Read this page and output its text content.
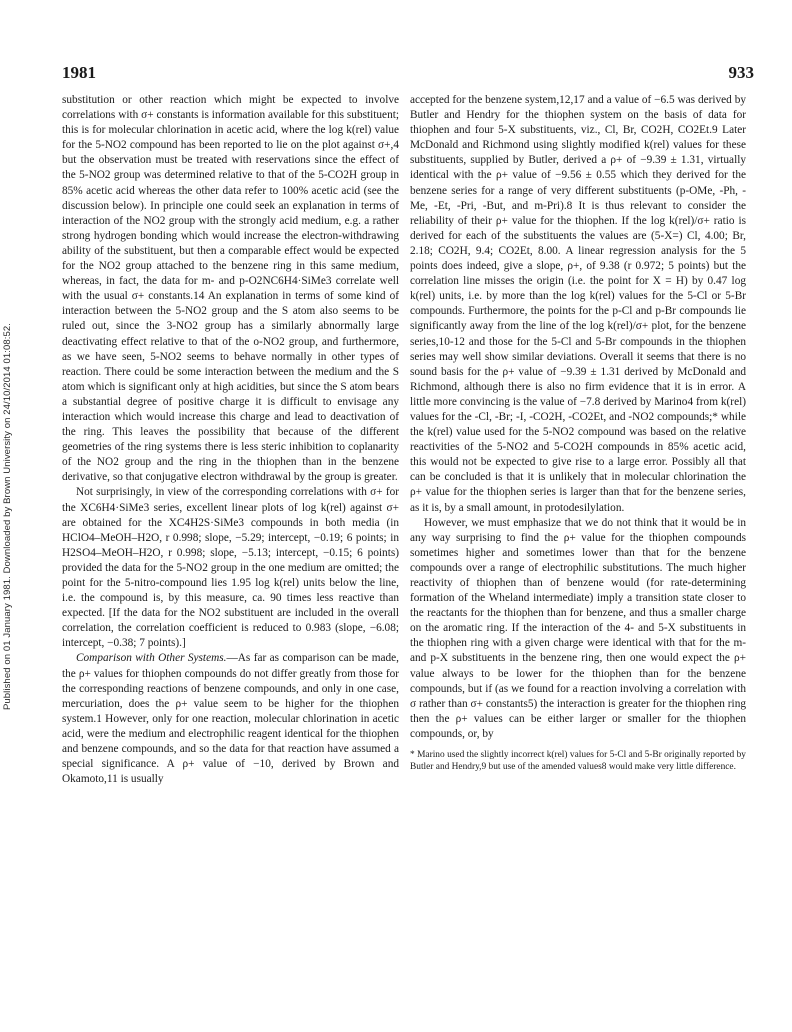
Published on 01 January 1981. Downloaded by Brown University on 24/10/2014 01:08:52.
1981	933

substitution or other reaction which might be expected to involve correlations with σ+ constants is information available for this substituent; this is for molecular chlorination in acetic acid, where the log k(rel) value for the 5-NO2 compound has been reported to lie on the plot against σ+,4 but the observation must be treated with reservations since the effect of the 5-NO2 group was determined relative to that of the 5-CO2H group in 85% acetic acid whereas the other data refer to 100% acetic acid (see the discussion below). In principle one could seek an explanation in terms of interaction of the NO2 group with the strongly acid medium, e.g. a rather strong hydrogen bonding which would increase the electron-withdrawing ability of the substituent, but then a comparable effect would be expected for the NO2 group attached to the benzene ring in this same medium, whereas, in fact, the data for m- and p-O2NC6H4·SiMe3 correlate well with the usual σ+ constants.14 An explanation in terms of some kind of interaction between the 5-NO2 group and the S atom also seems to be ruled out, since the 3-NO2 group has a similarly abnormally large deactivating effect relative to that of the o-NO2 group, and furthermore, as we have seen, 5-NO2 seems to behave normally in other types of reaction. There could be some interaction between the medium and the S atom which is significant only at high acidities, but since the S atom bears a substantial degree of positive charge it is difficult to envisage any interaction which would increase this charge and lead to deactivation of the ring. This leaves the possibility that because of the different geometries of the ring systems there is less steric inhibition to coplanarity of the NO2 group and the ring in the thiophen than in the benzene derivative, so that conjugative electron withdrawal by the group is greater.

Not surprisingly, in view of the corresponding correlations with σ+ for the XC6H4·SiMe3 series, excellent linear plots of log k(rel) against σ+ are obtained for the XC4H2S·SiMe3 compounds in both media (in HClO4–MeOH–H2O, r 0.998; slope, −5.29; intercept, −0.19; 6 points; in H2SO4–MeOH–H2O, r 0.998; slope, −5.13; intercept, −0.15; 6 points) provided the data for the 5-NO2 group in the one medium are omitted; the point for the 5-nitro-compound lies 1.95 log k(rel) units below the line, i.e. the compound is, by this measure, ca. 90 times less reactive than expected. [If the data for the NO2 substituent are included in the overall correlation, the correlation coefficient is reduced to 0.983 (slope, −6.08; intercept, −0.38; 7 points).]

Comparison with Other Systems.—As far as comparison can be made, the ρ+ values for thiophen compounds do not differ greatly from those for the corresponding reactions of benzene compounds, and only in one case, mercuriation, does the ρ+ value seem to be higher for the thiophen system.1 However, only for one reaction, molecular chlorination in acetic acid, were the medium and electrophilic reagent identical for the thiophen and benzene compounds, and so the data for that reaction have assumed a special significance. A ρ+ value of −10, derived by Brown and Okamoto,11 is usually

accepted for the benzene system,12,17 and a value of −6.5 was derived by Butler and Hendry for the thiophen system on the basis of data for thiophen and four 5-X substituents, viz., Cl, Br, CO2H, CO2Et.9 Later McDonald and Richmond using slightly modified k(rel) values for these substituents, supplied by Butler, derived a ρ+ of −9.39 ± 1.31, virtually identical with the ρ+ value of −9.56 ± 0.55 which they derived for the benzene series for a range of very different substituents (p-OMe, -Ph, -Me, -Et, -Pri, -But, and m-Pri).8 It is thus relevant to consider the reliability of their ρ+ value for the thiophen. If the log k(rel)/σ+ ratio is derived for each of the substituents the values are (5-X=) Cl, 4.00; Br, 2.18; CO2H, 9.4; CO2Et, 8.00. A linear regression analysis for the 5 points does indeed, give a slope, ρ+, of 9.38 (r 0.972; 5 points) but the correlation line misses the origin (i.e. the point for X = H) by 0.47 log k(rel) units, i.e. by more than the log k(rel) values for the 5-Cl or 5-Br compounds. Furthermore, the points for the p-Cl and p-Br compounds lie significantly away from the line of the log k(rel)/σ+ plot, for the benzene series,10-12 and those for the 5-Cl and 5-Br compounds in the thiophen series may well show similar deviations. Overall it seems that there is no sound basis for the ρ+ value of −9.39 ± 1.31 derived by McDonald and Richmond, although there is also no firm evidence that it is in error. A little more convincing is the value of −7.8 derived by Marino4 from k(rel) values for the -Cl, -Br; -I, -CO2H, -CO2Et, and -NO2 compounds;* while the k(rel) value used for the 5-NO2 compound was based on the relative reactivities of the 5-NO2 and 5-CO2H compounds in 85% acetic acid, this would not be expected to give rise to a large error. Possibly all that can be concluded is that it is unlikely that in molecular chlorination the ρ+ value for the thiophen series is larger than that for the benzene series, as it is, by a small amount, in protodesilylation.

However, we must emphasize that we do not think that it would be in any way surprising to find the ρ+ value for the thiophen compounds sometimes higher and sometimes lower than that for the benzene compounds over a range of electrophilic substitutions. The much higher reactivity of thiophen than of benzene would (for rate-determining formation of the Wheland intermediate) imply a transition state closer to the reactants for the thiophen than for benzene, and thus a smaller charge on the aromatic ring. If the interaction of the 4- and 5-X substituents in the thiophen ring with a given charge were identical with that for the m- and p-X substituents in the benzene ring, then one would expect the ρ+ value always to be lower for the thiophen than for the benzene compounds, but if (as we found for a reaction involving a correlation with σ rather than σ+ constants5) the interaction is greater for the thiophen ring then the ρ+ values can be either larger or smaller for the thiophen compounds, or, by

* Marino used the slightly incorrect k(rel) values for 5-Cl and 5-Br originally reported by Butler and Hendry,9 but use of the amended values8 would make very little difference.
